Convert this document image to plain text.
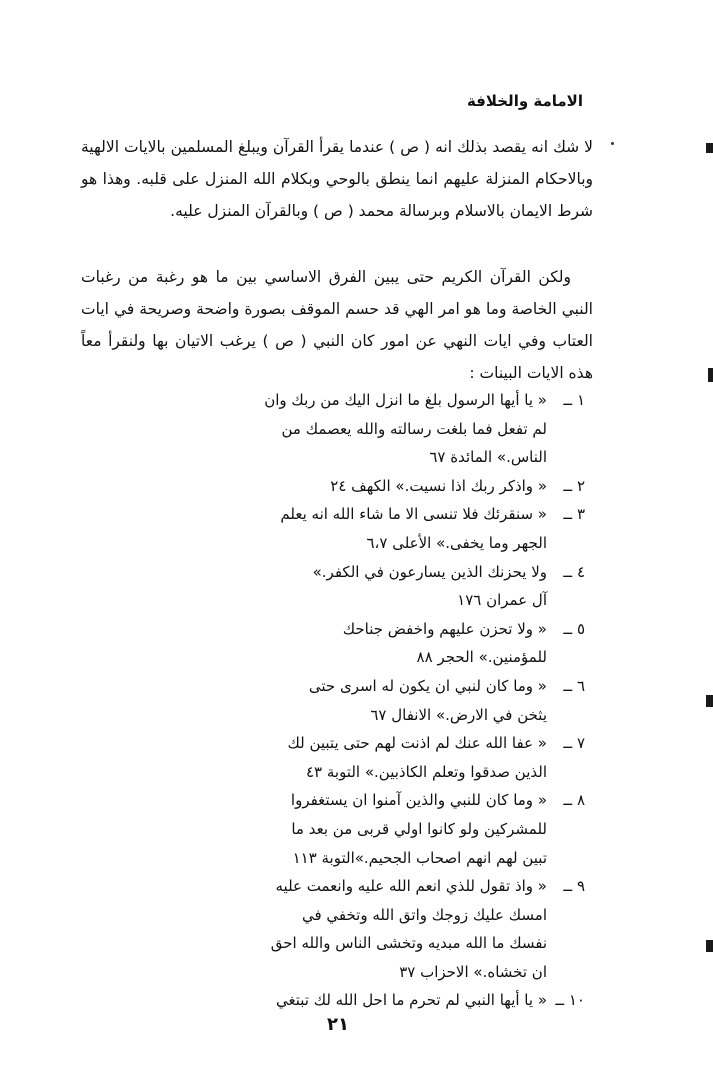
الامامة والخلافة

لا شك انه يقصد بذلك انه ( ص ) عندما يقرأ القرآن ويبلغ المسلمين بالايات الالهية وبالاحكام المنزلة عليهم انما ينطق بالوحي وبكلام الله المنزل على قلبه. وهذا هو شرط الايمان بالاسلام وبرسالة محمد ( ص ) وبالقرآن المنزل عليه.

ولكن القرآن الكريم حتى يبين الفرق الاساسي بين ما هو رغبة من رغبات النبي الخاصة وما هو امر الهي قد حسم الموقف بصورة واضحة وصريحة في ايات العتاب وفي ايات النهي عن امور كان النبي ( ص ) يرغب الاتيان بها ولنقرأ معاً هذه الايات البينات :

١ ــ
« يا أيها الرسول بلغ ما انزل اليك من ربك وان
لم تفعل فما بلغت رسالته والله يعصمك من
الناس.» المائدة ٦٧
٢ ــ
« واذكر ربك اذا نسيت.» الكهف ٢٤
٣ ــ
« سنقرئك فلا تنسى الا ما شاء الله انه يعلم
الجهر وما يخفى.» الأعلى ٦،٧
٤ ــ
ولا يحزنك الذين يسارعون في الكفر.»
آل عمران ١٧٦
٥ ــ
« ولا تحزن عليهم واخفض جناحك
للمؤمنين.» الحجر ٨٨
٦ ــ
« وما كان لنبي ان يكون له اسرى حتى
يثخن في الارض.» الانفال ٦٧
٧ ــ
« عفا الله عنك لم اذنت لهم حتى يتبين لك
الذين صدقوا وتعلم الكاذبين.» التوبة ٤٣
٨ ــ
« وما كان للنبي والذين آمنوا ان يستغفروا
للمشركين ولو كانوا اولي قربى من بعد ما
تبين لهم انهم اصحاب الجحيم.»التوبة ١١٣
٩ ــ
« واذ تقول للذي انعم الله عليه وانعمت عليه
امسك عليك زوجك واتق الله وتخفي في
نفسك ما الله مبديه وتخشى الناس والله احق
ان تخشاه.» الاحزاب ٣٧
١٠ ــ
« يا أيها النبي لم تحرم ما احل الله لك تبتغي
٢١
